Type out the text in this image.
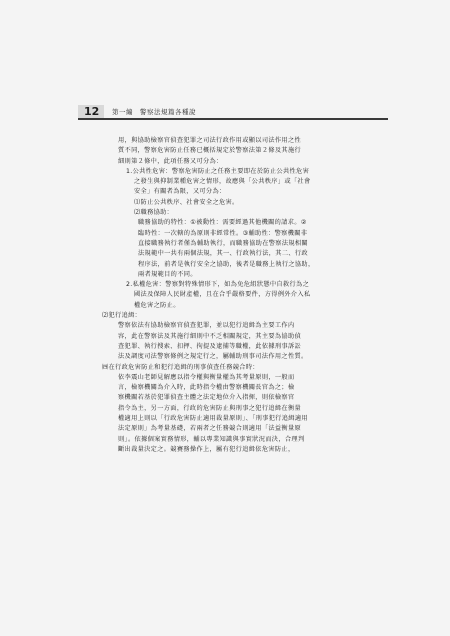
12 第一編　警察法規篇各種說
用，與協助檢察官偵查犯罪之司法行政作用或顯以司法作用之性
質不同，警察危害防止任務已概括規定於警察法第２條及其施行
細則第２條中，此項任務又可分為：
1.公共性危害：警察危害防止之任務主要即在於防止公共性危害
之發生與抑制業種危害之情形，故應與「公共秩序」或「社會
安全」有關者為限，又可分為：
⑴防止公共秩序、社會安全之危害。
⑵職務協助：
職務協助的特性：①被動性：需要經過其他機關的請求。②
臨時性：一次轄的為原則非經常性。③輔助性：警察機關非
直接職務執行者僅為輔助執行，而職務協助在警察法規相關
法規範中一共有兩個法規，其一、行政執行法，其二、行政
程序法，前者是執行安全之協助，後者是職務上執行之協助，
兩者規範目的不同。
2.私權危害：警察對特殊情形下，如為免危組狀態中自救行為之
國法及保障人民財產權，且在合乎嚴格要件，方得例外介入私
權危害之防止。
⑵犯行追緝：
警察依法有協助檢察官偵查犯罪，並以犯行追緝為主要工作内
容，此在警察法及其施行細則中不乏相關規定，其主要為協助偵
查犯罪、執行搜索、扣押、拘提及逮捕等職權，此依據刑事訴訟
法及調度司法警察條例之規定行之，屬輔助刑事司法作用之性質。
㈣在行政危害防止和犯行追緝的刑事偵查任務競合時：
依李震山老師見解應以指令權與衡量權為其考量原則，一般而
言，檢察機關為介入時，此時指令權由警察機關長官為之；檢
察機關若基於犯罪偵查主體之法定地位介入指揮，則依檢察官
指令為主，另一方面，行政的危害防止與刑事之犯行追緝在衡量
權適用上則以「行政危害防止適用裁量原則」、「刑事犯行追緝適用
法定原則」為考量基礎，若兩者之任務競合則適用「法益衡量原
則」。依據個案實務情形，輔以專業知識與事實狀況而決，合理判
斷出裁量決定之。競賽務操作上，屬有犯行追緝依危害防止，
